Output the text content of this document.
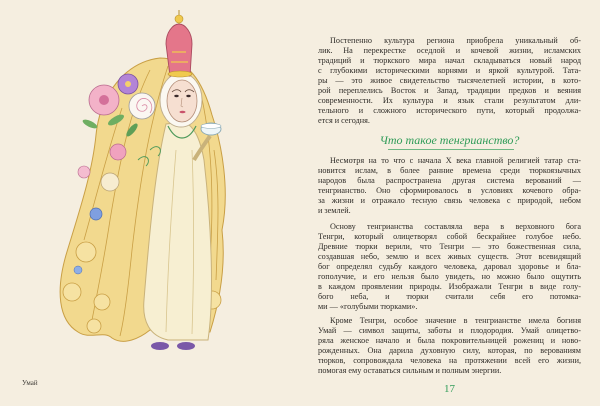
Умай
Постепенно культура региона приобрела уникальный об-
лик. На перекрестке оседлой и кочевой жизни, исламских
традиций и тюркского мира начал складываться новый народ
с глубокими историческими корнями и яркой культурой. Тата-
ры — это живое свидетельство тысячелетней истории, в кото-
рой переплелись Восток и Запад, традиции предков и веяния
современности. Их культура и язык стали результатом дли-
тельного и сложного исторического пути, который продолжа-
ется и сегодня.
Что такое тенгрианство?
Несмотря на то что с начала X века главной религией татар ста-
новится ислам, в более ранние времена среди тюркоязычных
народов была распространена другая система верований —
тенгрианство. Оно сформировалось в условиях кочевого обра-
за жизни и отражало тесную связь человека с природой, небом
и землей.
Основу тенгрианства составляла вера в верховного бога
Тенгри, который олицетворял собой бескрайнее голубое небо.
Древние тюрки верили, что Тенгри — это божественная сила,
создавшая небо, землю и всех живых существ. Этот всевидящий
бог определял судьбу каждого человека, даровал здоровье и бла-
гополучие, и его нельзя было увидеть, но можно было ощутить
в каждом проявлении природы. Изображали Тенгри в виде голу-
бого неба, и тюрки считали себя его потомка-
ми — «голубыми тюрками».
Кроме Тенгри, особое значение в тенгрианстве имела богиня
Умай — символ защиты, заботы и плодородия. Умай олицетво-
ряла женское начало и была покровительницей рожениц и ново-
рожденных. Она дарила духовную силу, которая, по верованиям
тюрков, сопровождала человека на протяжении всей его жизни,
помогая ему оставаться сильным и полным энергии.
17
